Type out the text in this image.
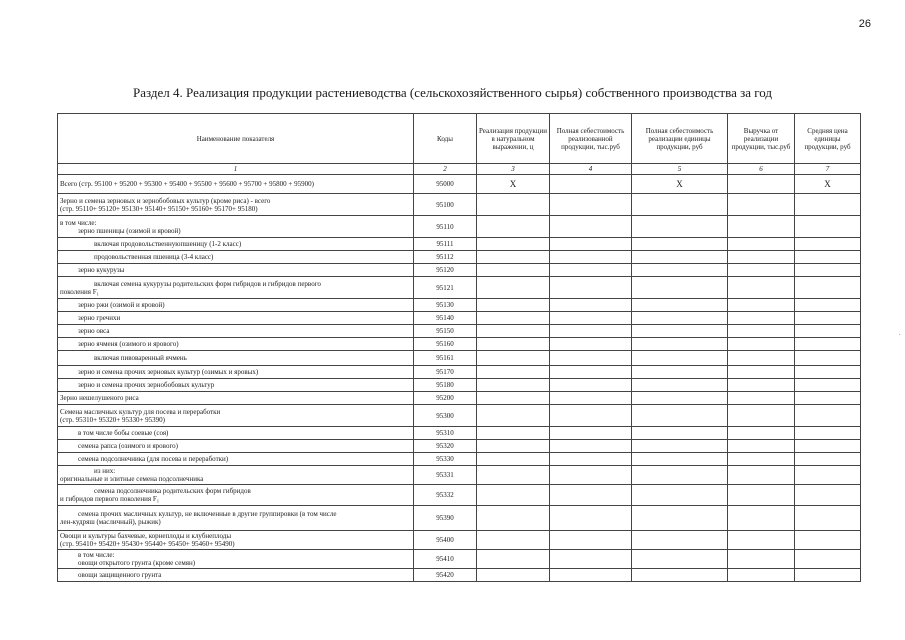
26
Раздел 4. Реализация продукции растениеводства (сельскохозяйственного сырья) собственного производства за год
Наименование показателя	Коды	Реализация продукции в натуральном выражении, ц	Полная себестоимость реализованной продукции, тыс.руб	Полная себестоимость реализации единицы продукции, руб	Выручка от реализации продукции, тыс.руб	Средняя цена единицы продукции, руб
1	2	3	4	5	6	7

Всего (стр. 95100 + 95200 + 95300 + 95400 + 95500 + 95600 + 95700 + 95800 + 95900)	95000	X		X		X

Зерно и семена зерновых и зернобобовых культур (кроме риса) - всего
(стр. 95110+ 95120+ 95130+ 95140+ 95150+ 95160+ 95170+ 95180)	95100					

в том числе:
зерно пшеницы (озимой и яровой)	95110					

включая продовольственнуюпшеницу (1-2 класс)	95111					

продовольственная пшеница (3-4 класс)	95112					

зерно кукурузы	95120					

включая семена кукурузы родительских форм гибридов и гибридов первого
поколения F₁	95121					

зерно ржи (озимой и яровой)	95130					

зерно гречихи	95140					

зерно овса	95150					

зерно ячменя (озимого и ярового)	95160					

включая пивоваренный ячмень	95161					

зерно и семена прочих зерновых культур (озимых и яровых)	95170					

зерно и семена прочих зернобобовых культур	95180					

Зерно нешелушеного риса	95200					

Семена масличных культур для посева и переработки
(стр. 95310+ 95320+ 95330+ 95390)	95300					

в том числе бобы соевые (соя)	95310					

семена рапса (озимого и ярового)	95320					

семена подсолнечника (для посева и переработки)	95330					

из них:
оригинальные и элитные семена подсолнечника	95331					

семена подсолнечника родительских форм гибридов
и гибридов первого поколения F₁	95332					

семена прочих масличных культур, не включенные в другие группировки (в том числе
лен-кудряш (масличный), рыжик)	95390					

Овощи и культуры бахчевые, корнеплоды и клубнеплоды
(стр. 95410+ 95420+ 95430+ 95440+ 95450+ 95460+ 95490)	95400					

в том числе:
овощи открытого грунта (кроме семян)	95410					

овощи защищенного грунта	95420					
·
